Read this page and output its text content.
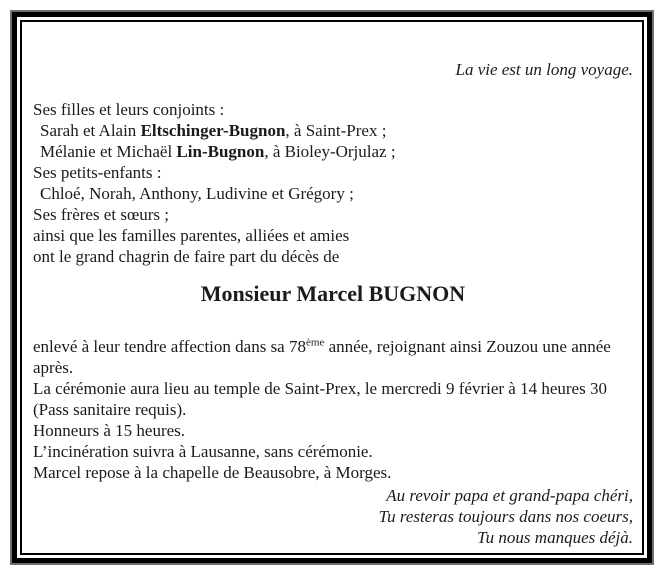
La vie est un long voyage.

Ses filles et leurs conjoints :

Sarah et Alain Eltschinger-Bugnon, à Saint-Prex ;

Mélanie et Michaël Lin-Bugnon, à Bioley-Orjulaz ;

Ses petits-enfants :

Chloé, Norah, Anthony, Ludivine et Grégory ;

Ses frères et sœurs ;

ainsi que les familles parentes, alliées et amies

ont le grand chagrin de faire part du décès de

Monsieur Marcel BUGNON

enlevé à leur tendre affection dans sa 78ème année, rejoignant ainsi Zouzou une année après.

La cérémonie aura lieu au temple de Saint-Prex, le mercredi 9 février à 14 heures 30

(Pass sanitaire requis).

Honneurs à 15 heures.

L’incinération suivra à Lausanne, sans cérémonie.

Marcel repose à la chapelle de Beausobre, à Morges.

Au revoir papa et grand-papa chéri,

Tu resteras toujours dans nos coeurs,

Tu nous manques déjà.
